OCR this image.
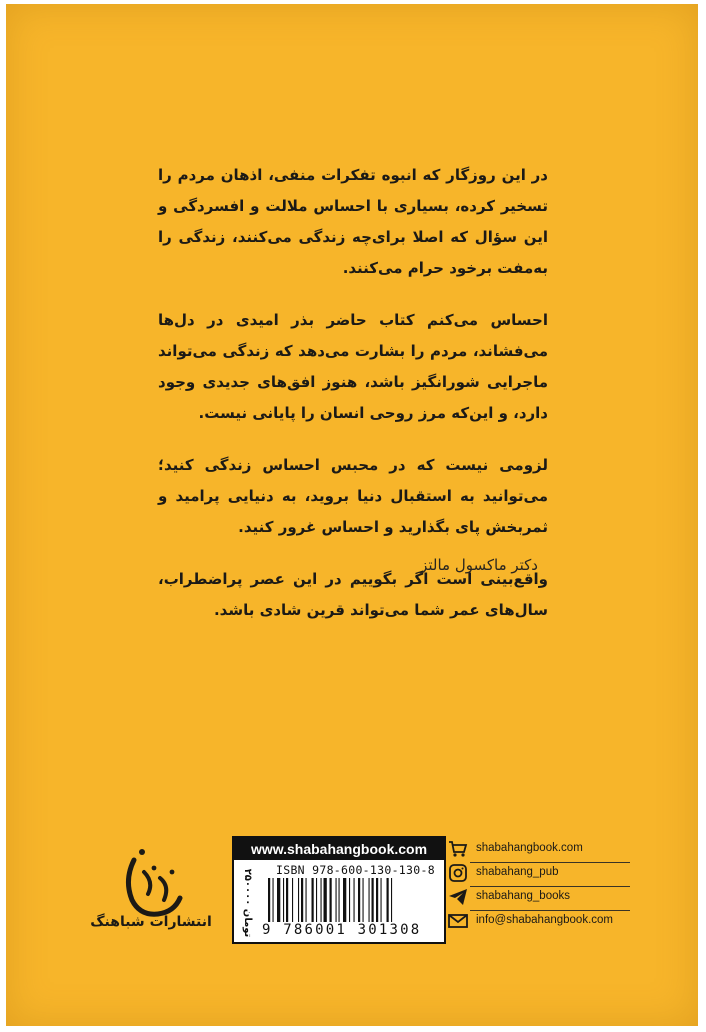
در این روزگار که انبوه تفکرات منفی، اذهان مردم را تسخیر کرده، بسیاری با احساس ملالت و افسردگی و این سؤال که اصلا برای‌چه زندگی می‌کنند، زندگی را به‌مفت برخود حرام می‌کنند.

احساس می‌کنم کتاب حاضر بذر امیدی در دل‌ها می‌فشاند، مردم را بشارت می‌دهد که زندگی می‌تواند ماجرایی شورانگیز باشد، هنوز افق‌های جدیدی وجود دارد، و این‌که مرز روحی انسان را پایانی نیست.

لزومی نیست که در محبس احساس زندگی کنید؛ می‌توانید به استقبال دنیا بروید، به دنیایی پرامید و ثمربخش پای بگذارید و احساس غرور کنید.

واقع‌بینی است اگر بگوییم در این عصر پراضطراب، سال‌های عمر شما می‌تواند قرین شادی باشد.

دکتر ماکسول مالتز
انتشارات شباهنگ
www.shabahangbook.com
۲۵۰۰۰۰ تومان
ISBN 978-600-130-130-8
9 786001 301308
shabahangbook.com
shabahang_pub
shabahang_books
info@shabahangbook.com
